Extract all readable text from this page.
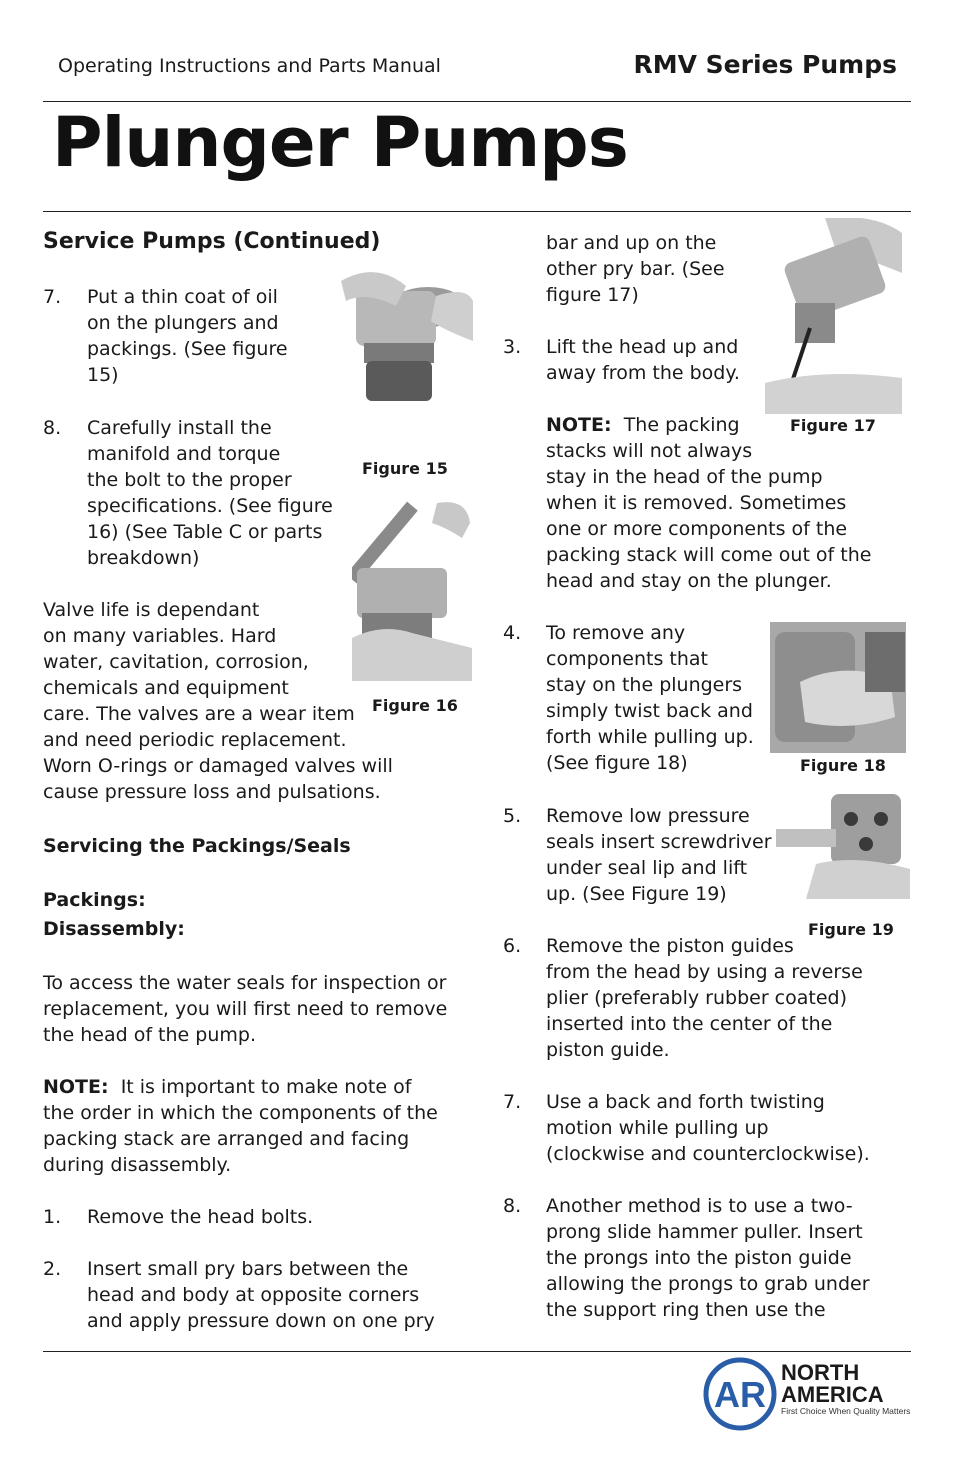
Operating Instructions and Parts Manual	RMV Series Pumps
Plunger Pumps
Service Pumps (Continued)
7. Put a thin coat of oil
on the plungers and
packings. (See figure
15)
8. Carefully install the
manifold and torque
the bolt to the proper
specifications. (See figure
16) (See Table C or parts
breakdown)
Figure 15
Figure 16
Valve life is dependant
on many variables. Hard
water, cavitation, corrosion,
chemicals and equipment
care. The valves are a wear item
and need periodic replacement.
Worn O-rings or damaged valves will
cause pressure loss and pulsations.
Servicing the Packings/Seals
Packings:
Disassembly:
To access the water seals for inspection or
replacement, you will first need to remove
the head of the pump.
NOTE: It is important to make note of
the order in which the components of the
packing stack are arranged and facing
during disassembly.
1. Remove the head bolts.
2. Insert small pry bars between the
head and body at opposite corners
and apply pressure down on one pry
bar and up on the
other pry bar. (See
figure 17)
Figure 17
3. Lift the head up and
away from the body.
NOTE: The packing
stacks will not always
stay in the head of the pump
when it is removed. Sometimes
one or more components of the
packing stack will come out of the
head and stay on the plunger.
Figure 18
4. To remove any
components that
stay on the plungers
simply twist back and
forth while pulling up.
(See figure 18)
Figure 19
5. Remove low pressure
seals insert screwdriver
under seal lip and lift
up. (See Figure 19)
6. Remove the piston guides
from the head by using a reverse
plier (preferably rubber coated)
inserted into the center of the
piston guide.
7. Use a back and forth twisting
motion while pulling up
(clockwise and counterclockwise).
8. Another method is to use a two-
prong slide hammer puller. Insert
the prongs into the piston guide
allowing the prongs to grab under
the support ring then use the
AR
NORTH
AMERICA
First Choice When Quality Matters
